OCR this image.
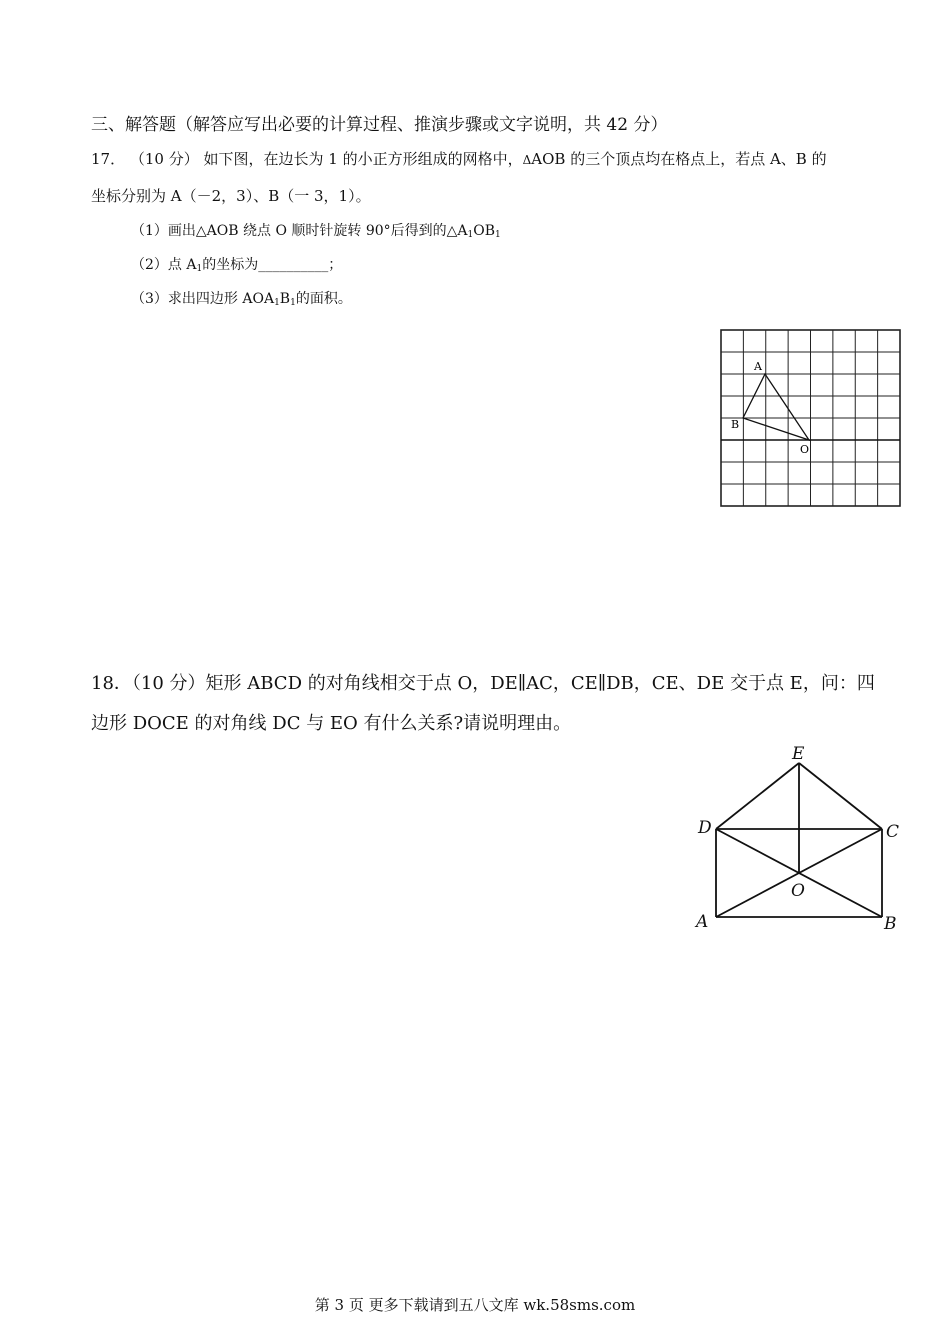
三、解答题（解答应写出必要的计算过程、推演步骤或文字说明，共 42 分）
17． （10 分） 如下图，在边长为 1 的小正方形组成的网格中，ΔAOB 的三个顶点均在格点上，若点 A、B 的
坐标分别为 A（－2，3）、B（一 3，1）。
（1）画出△AOB 绕点 O 顺时针旋转 90°后得到的$\triangle A_1OB_1$
（2）点 $A_1$的坐标为__________；
（3）求出四边形 $AOA_1B_1$的面积。
A
B
O
18．（10 分）矩形 ABCD 的对角线相交于点 O，DE∥AC，CE∥DB，CE、DE 交于点 E，问：四
边形 DOCE 的对角线 DC 与 EO 有什么关系?请说明理由。
E
D	C
O
A	B
第 3 页 更多下载请到五八文库 wk.58sms.com
